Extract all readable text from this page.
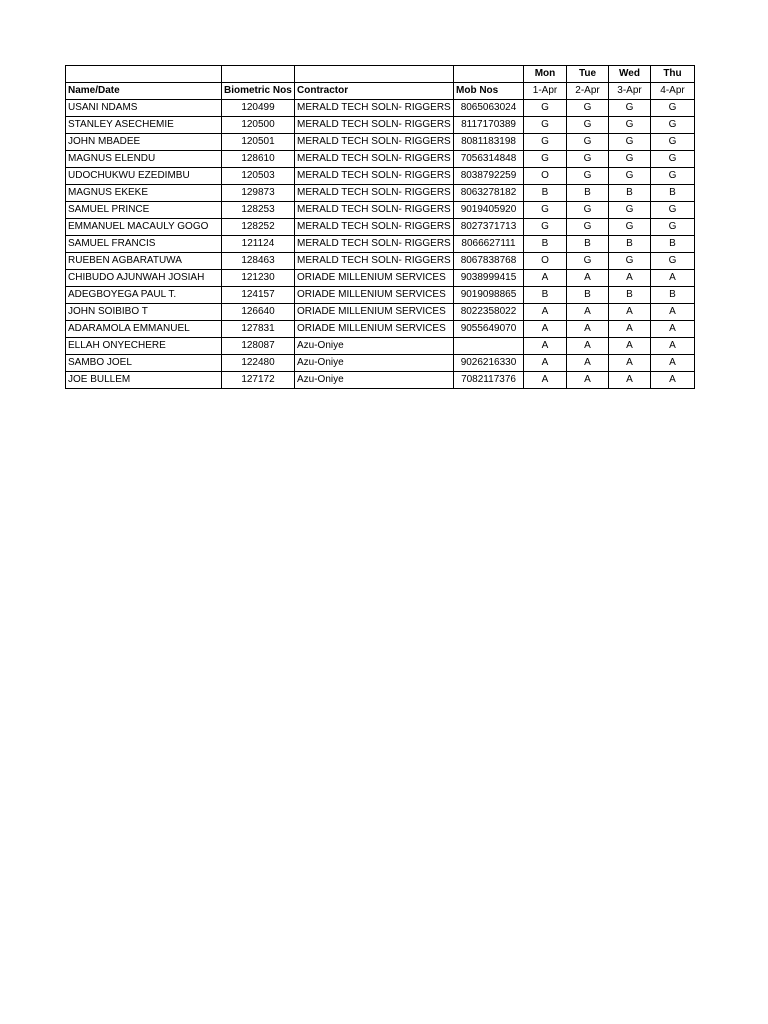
				Mon	Tue	Wed	Thu
Name/Date	Biometric Nos	Contractor	Mob Nos	1-Apr	2-Apr	3-Apr	4-Apr
USANI NDAMS	120499	MERALD TECH SOLN- RIGGERS	8065063024	G	G	G	G
STANLEY ASECHEMIE	120500	MERALD TECH SOLN- RIGGERS	8117170389	G	G	G	G
JOHN MBADEE	120501	MERALD TECH SOLN- RIGGERS	8081183198	G	G	G	G
MAGNUS ELENDU	128610	MERALD TECH SOLN- RIGGERS	7056314848	G	G	G	G
UDOCHUKWU EZEDIMBU	120503	MERALD TECH SOLN- RIGGERS	8038792259	O	G	G	G
MAGNUS EKEKE	129873	MERALD TECH SOLN- RIGGERS	8063278182	B	B	B	B
SAMUEL PRINCE	128253	MERALD TECH SOLN- RIGGERS	9019405920	G	G	G	G
EMMANUEL MACAULY GOGO	128252	MERALD TECH SOLN- RIGGERS	8027371713	G	G	G	G
SAMUEL FRANCIS	121124	MERALD TECH SOLN- RIGGERS	8066627111	B	B	B	B
RUEBEN AGBARATUWA	128463	MERALD TECH SOLN- RIGGERS	8067838768	O	G	G	G
CHIBUDO AJUNWAH JOSIAH	121230	ORIADE MILLENIUM SERVICES	9038999415	A	A	A	A
ADEGBOYEGA PAUL T.	124157	ORIADE MILLENIUM SERVICES	9019098865	B	B	B	B
JOHN SOIBIBO T	126640	ORIADE MILLENIUM SERVICES	8022358022	A	A	A	A
ADARAMOLA EMMANUEL	127831	ORIADE MILLENIUM SERVICES	9055649070	A	A	A	A
ELLAH ONYECHERE	128087	Azu-Oniye		A	A	A	A
SAMBO JOEL	122480	Azu-Oniye	9026216330	A	A	A	A
JOE BULLEM	127172	Azu-Oniye	7082117376	A	A	A	A
